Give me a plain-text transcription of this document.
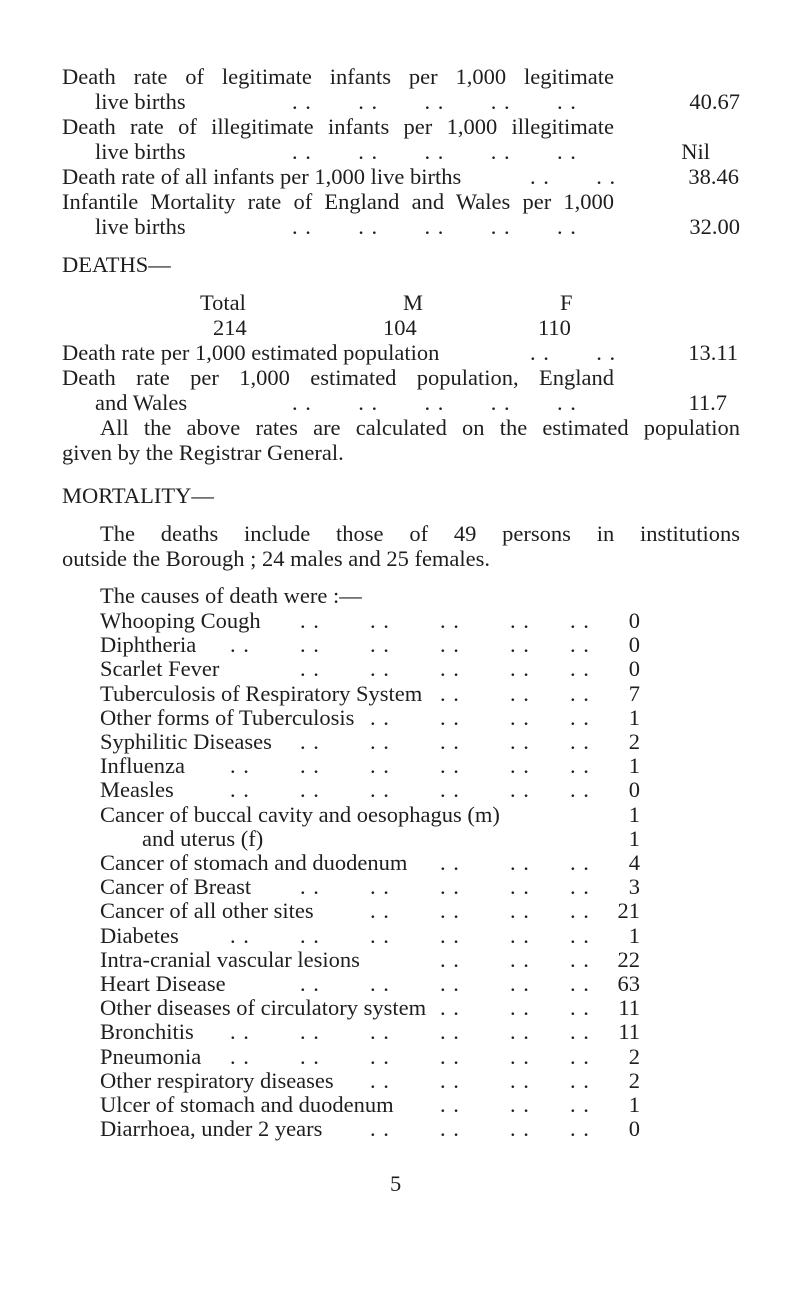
Death rate of legitimate infants per 1,000 legitimate
live births	. .       . .       . .       . .       . .	40.67
Death rate of illegitimate infants per 1,000 illegitimate
live births	. .       . .       . .       . .       . .	Nil
Death rate of all infants per 1,000 live births	. .       . .	38.46
Infantile Mortality rate of England and Wales per 1,000
live births	. .       . .       . .       . .       . .	32.00
DEATHS—
Total	M	F
214	104	110
Death rate per 1,000 estimated population	. .       . .	13.11
Death rate per 1,000 estimated population, England
and Wales	. .       . .       . .       . .       . .	11.7
All the above rates are calculated on the estimated population
given by the Registrar General.
MORTALITY—
The deaths include those of 49 persons in institutions
outside the Borough ; 24 males and 25 females.
The causes of death were :—
Whooping Cough	0
. . . . . . . . . .
Diphtheria	0
. . . . . . . . . . . .
Scarlet Fever	0
. . . . . . . . . .
Tuberculosis of Respiratory System	7
. . . . . .
Other forms of Tuberculosis	1
. . . . . . . .
Syphilitic Diseases	2
. . . . . . . . . .
Influenza	1
. . . . . . . . . . . .
Measles	0
. . . . . . . . . . . .
Cancer of buccal cavity and oesophagus (m)	1
and uterus (f)	1
Cancer of stomach and duodenum	4
. . . . . .
Cancer of Breast	3
. . . . . . . . . .
Cancer of all other sites	21
. . . . . . . .
Diabetes	1
. . . . . . . . . . . .
Intra-cranial vascular lesions	22
. . . . . .
Heart Disease	63
. . . . . . . . . .
Other diseases of circulatory system	11
. . . . . .
Bronchitis	11
. . . . . . . . . . . .
Pneumonia	2
. . . . . . . . . . . .
Other respiratory diseases	2
. . . . . . . .
Ulcer of stomach and duodenum	1
. . . . . .
Diarrhoea, under 2 years	0
. . . . . . . .
5
